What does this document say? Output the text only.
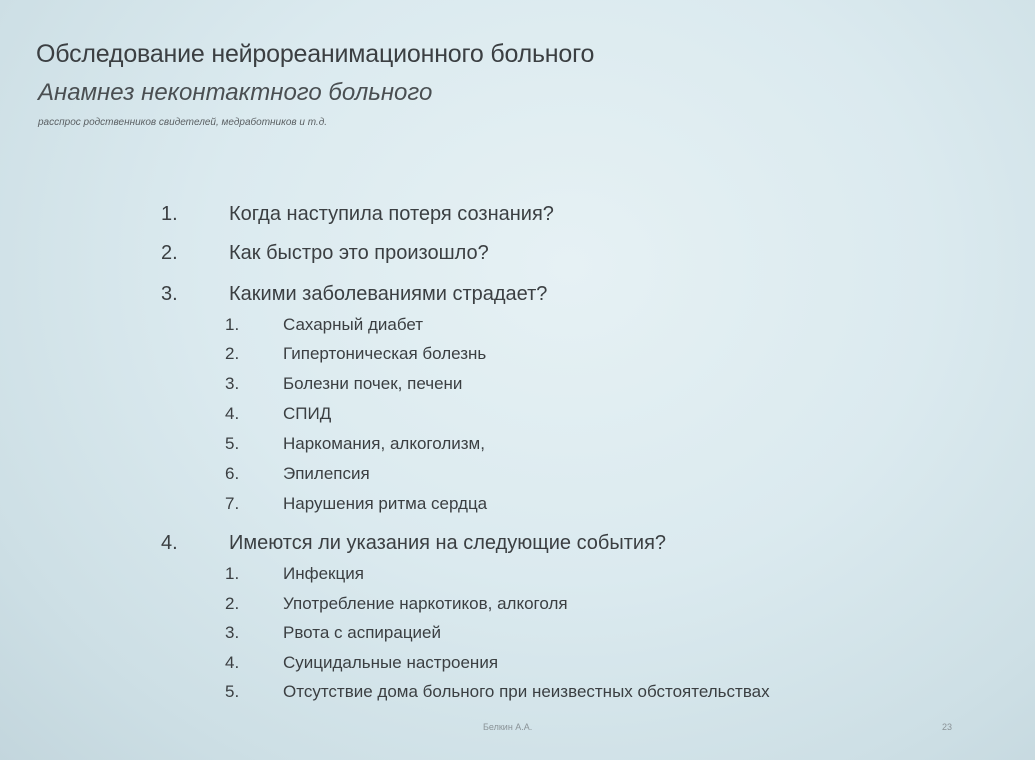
Обследование нейрореанимационного больного
Анамнез неконтактного больного
расспрос родственников свидетелей, медработников и т.д.
1.	Когда наступила потеря сознания?
2.	Как быстро это произошло?
3.	Какими заболеваниями страдает?
1.	Сахарный диабет
2.	Гипертоническая болезнь
3.	Болезни почек, печени
4.	СПИД
5.	Наркомания, алкоголизм,
6.	Эпилепсия
7.	Нарушения ритма сердца
4.	Имеются ли указания на следующие события?
1.	Инфекция
2.	Употребление наркотиков, алкоголя
3.	Рвота с аспирацией
4.	Суицидальные настроения
5.	Отсутствие дома больного при неизвестных обстоятельствах
Белкин А.А.	23
